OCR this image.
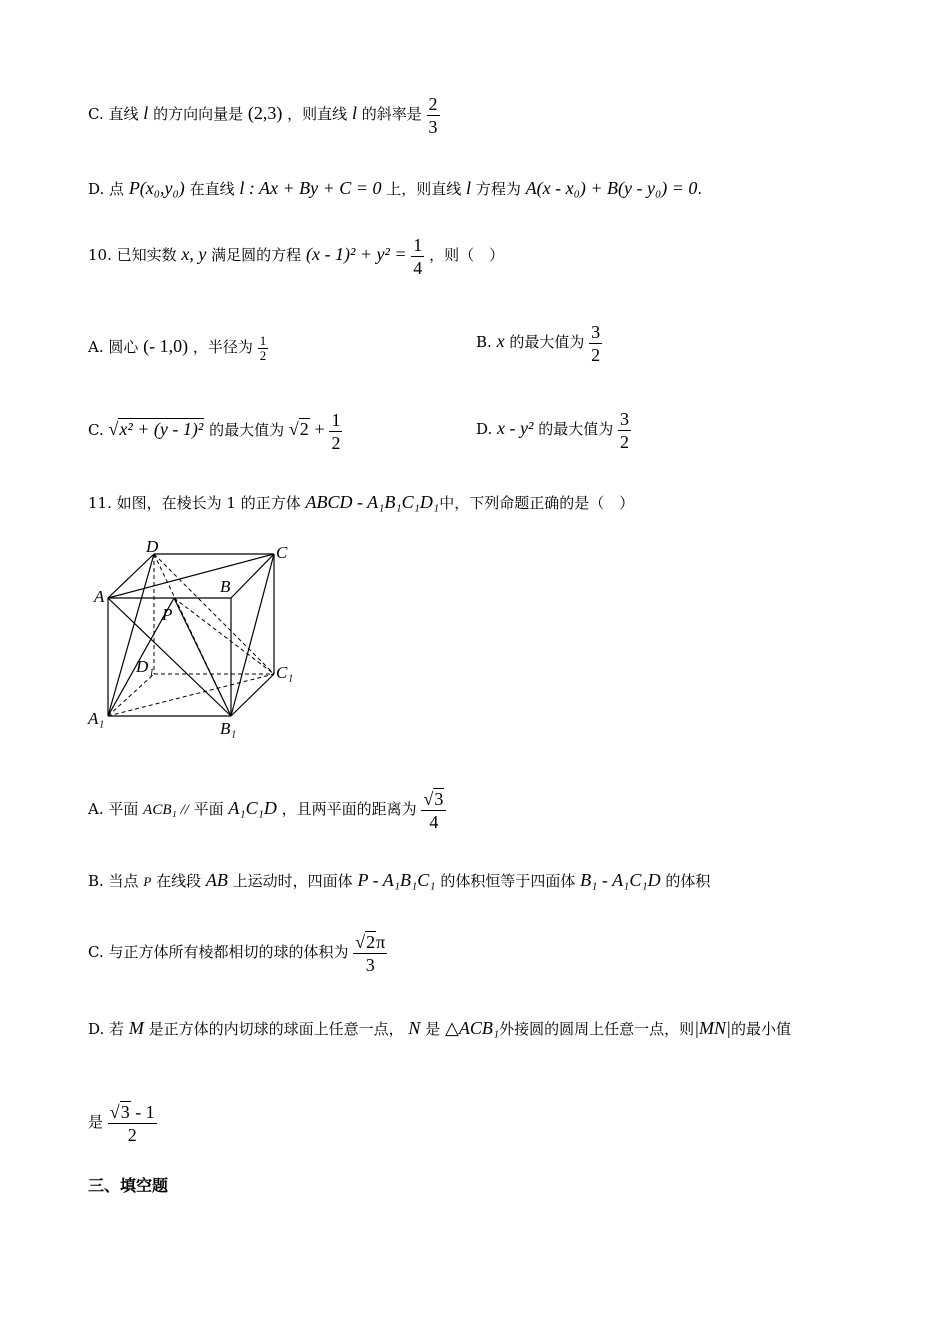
C. 直线 l 的方向向量是 (2,3) ，则直线 l 的斜率是 $\frac{2}{3}$
D. 点 P(x₀,y₀) 在直线 l : Ax + By + C = 0 上，则直线 l 方程为 A(x - x₀) + B(y - y₀) = 0.
10. 已知实数 x, y 满足圆的方程 $(x - 1)^2 + y^2 = \frac{1}{4}$ ，则（　）
A. 圆心 (- 1,0) ，半径为 $\frac{1}{2}$	B. x 的最大值为 $\frac{3}{2}$
C. √x² + (y - 1)² 的最大值为 $√2 + \frac{1}{2}$	D. x - y² 的最大值为 $\frac{3}{2}$
11. 如图，在棱长为 1 的正方体 ABCD - A₁B₁C₁D₁中，下列命题正确的是（　）
D	C
A
B
P
D₁	C₁
A₁
B₁
A. 平面 ACB₁ // 平面 A₁C₁D ，且两平面的距离为 $\frac{√3}{4}$
B. 当点 P 在线段 AB 上运动时，四面体 P - A₁B₁C₁ 的体积恒等于四面体 B₁ - A₁C₁D 的体积
C. 与正方体所有棱都相切的球的体积为 $\frac{√2\pi}{3}$
D. 若 M 是正方体的内切球的球面上任意一点， N 是 △ACB₁外接圆的圆周上任意一点，则|MN|的最小值
是 $\frac{√3 - 1}{2}$
三、填空题
